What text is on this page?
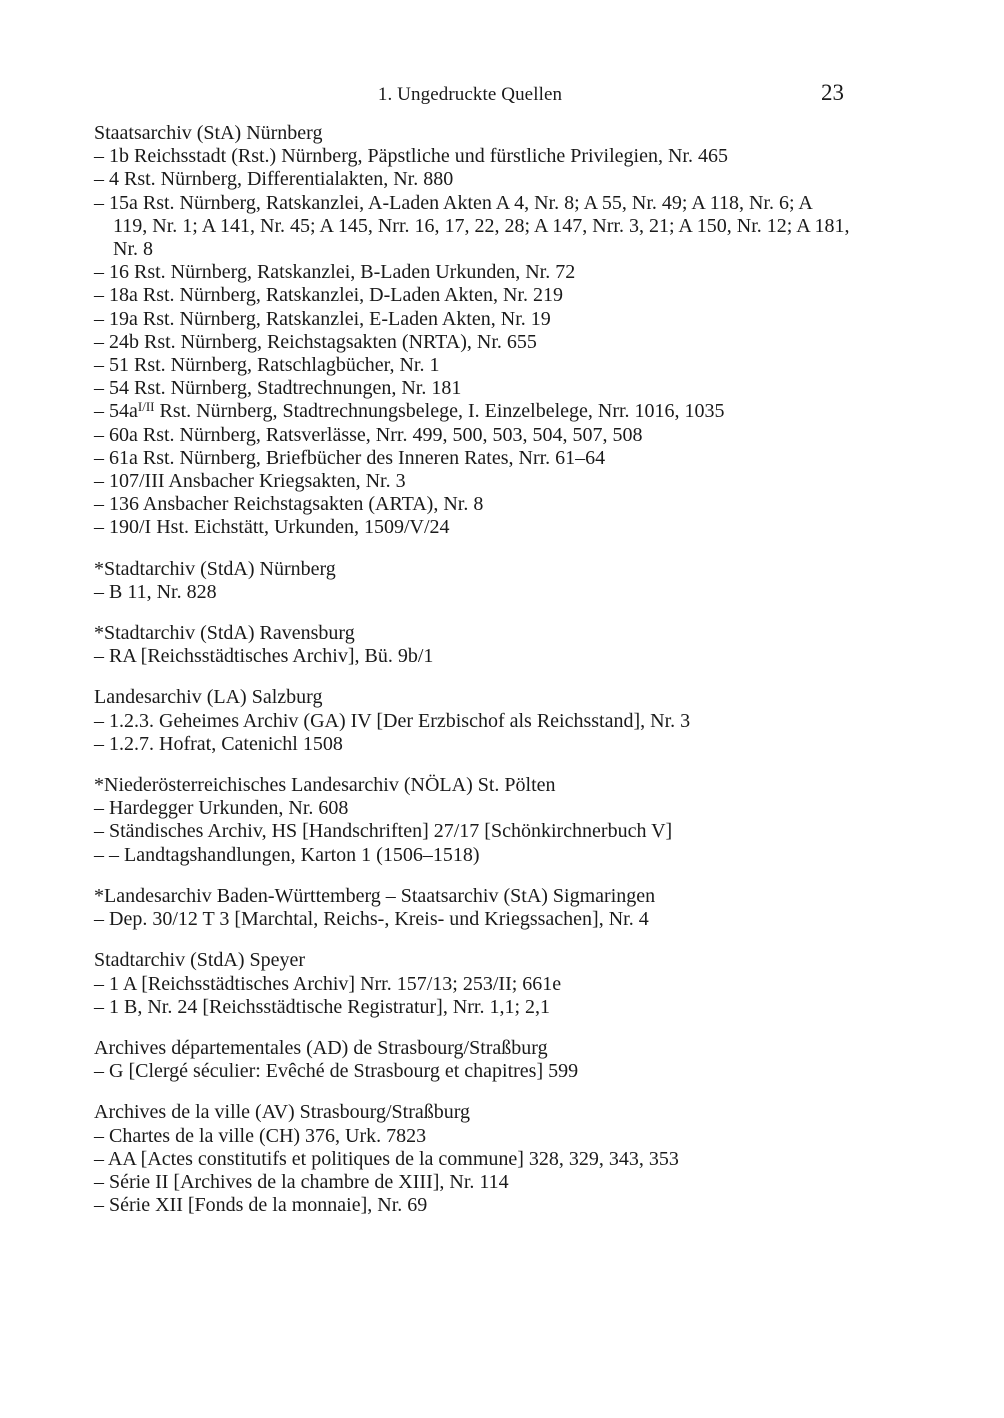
1. Ungedruckte Quellen	23
Staatsarchiv (StA) Nürnberg
– 1b Reichsstadt (Rst.) Nürnberg, Päpstliche und fürstliche Privilegien, Nr. 465
– 4 Rst. Nürnberg, Differentialakten, Nr. 880
– 15a Rst. Nürnberg, Ratskanzlei, A-Laden Akten A 4, Nr. 8; A 55, Nr. 49; A 118, Nr. 6; A 119, Nr. 1; A 141, Nr. 45; A 145, Nrr. 16, 17, 22, 28; A 147, Nrr. 3, 21; A 150, Nr. 12; A 181, Nr. 8
– 16 Rst. Nürnberg, Ratskanzlei, B-Laden Urkunden, Nr. 72
– 18a Rst. Nürnberg, Ratskanzlei, D-Laden Akten, Nr. 219
– 19a Rst. Nürnberg, Ratskanzlei, E-Laden Akten, Nr. 19
– 24b Rst. Nürnberg, Reichstagsakten (NRTA), Nr. 655
– 51 Rst. Nürnberg, Ratschlagbücher, Nr. 1
– 54 Rst. Nürnberg, Stadtrechnungen, Nr. 181
– $54a^{I/II}$ Rst. Nürnberg, Stadtrechnungsbelege, I. Einzelbelege, Nrr. 1016, 1035
– 60a Rst. Nürnberg, Ratsverlässe, Nrr. 499, 500, 503, 504, 507, 508
– 61a Rst. Nürnberg, Briefbücher des Inneren Rates, Nrr. 61–64
– 107/III Ansbacher Kriegsakten, Nr. 3
– 136 Ansbacher Reichstagsakten (ARTA), Nr. 8
– 190/I Hst. Eichstätt, Urkunden, 1509/V/24
*Stadtarchiv (StdA) Nürnberg
– B 11, Nr. 828
*Stadtarchiv (StdA) Ravensburg
– RA [Reichsstädtisches Archiv], Bü. 9b/1
Landesarchiv (LA) Salzburg
– 1.2.3. Geheimes Archiv (GA) IV [Der Erzbischof als Reichsstand], Nr. 3
– 1.2.7. Hofrat, Catenichl 1508
*Niederösterreichisches Landesarchiv (NÖLA) St. Pölten
– Hardegger Urkunden, Nr. 608
– Ständisches Archiv, HS [Handschriften] 27/17 [Schönkirchnerbuch V]
– – Landtagshandlungen, Karton 1 (1506–1518)
*Landesarchiv Baden-Württemberg – Staatsarchiv (StA) Sigmaringen
– Dep. 30/12 T 3 [Marchtal, Reichs-, Kreis- und Kriegssachen], Nr. 4
Stadtarchiv (StdA) Speyer
– 1 A [Reichsstädtisches Archiv] Nrr. 157/13; 253/II; 661e
– 1 B, Nr. 24 [Reichsstädtische Registratur], Nrr. 1,1; 2,1
Archives départementales (AD) de Strasbourg/Straßburg
– G [Clergé séculier: Evêché de Strasbourg et chapitres] 599
Archives de la ville (AV) Strasbourg/Straßburg
– Chartes de la ville (CH) 376, Urk. 7823
– AA [Actes constitutifs et politiques de la commune] 328, 329, 343, 353
– Série II [Archives de la chambre de XIII], Nr. 114
– Série XII [Fonds de la monnaie], Nr. 69
